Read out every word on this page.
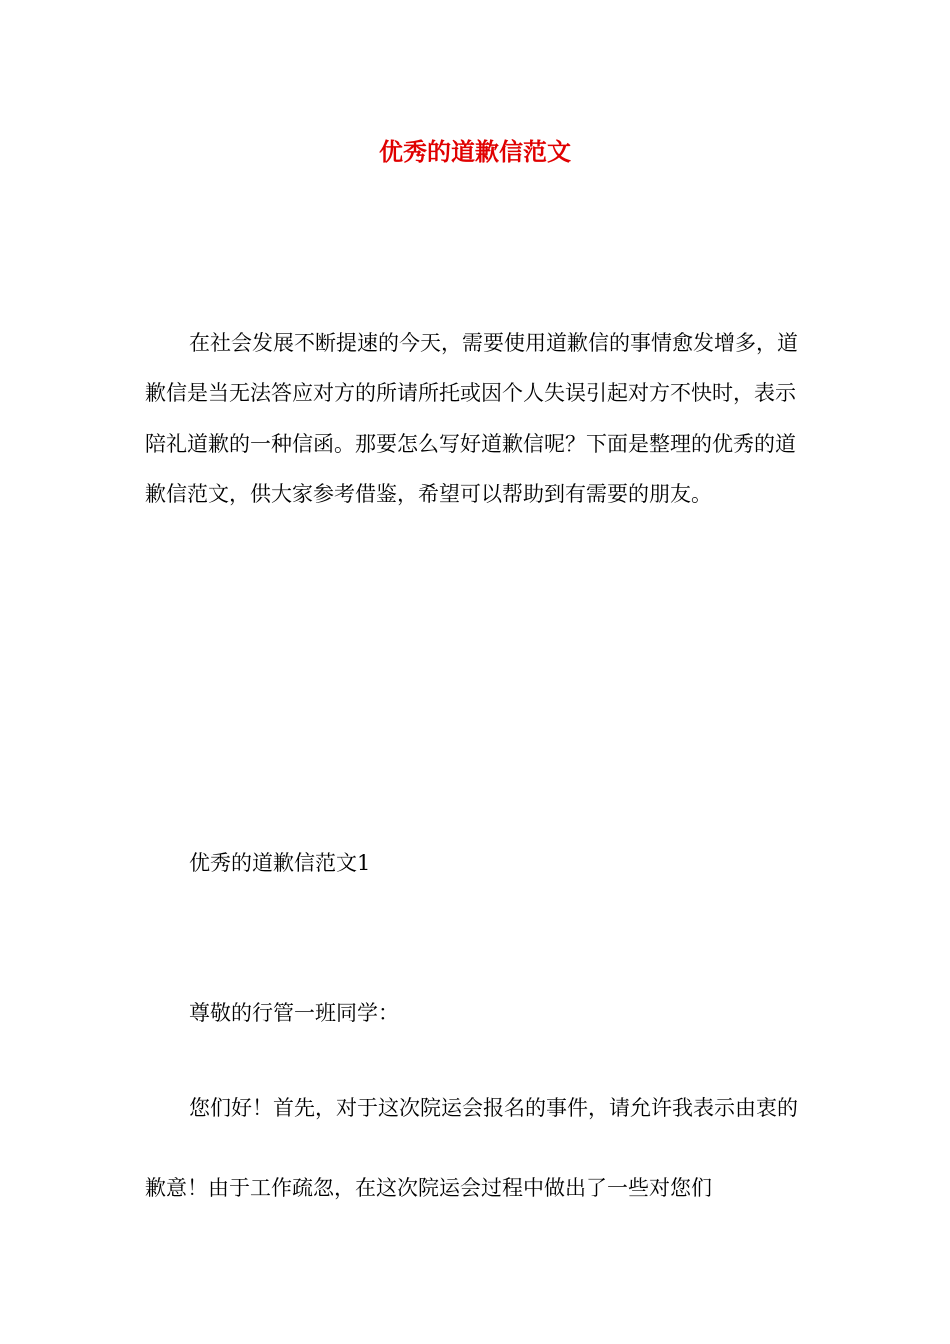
优秀的道歉信范文

在社会发展不断提速的今天，需要使用道歉信的事情愈发增多，道歉信是当无法答应对方的所请所托或因个人失误引起对方不快时，表示陪礼道歉的一种信函。那要怎么写好道歉信呢？下面是整理的优秀的道歉信范文，供大家参考借鉴，希望可以帮助到有需要的朋友。

优秀的道歉信范文1

尊敬的行管一班同学：

您们好！首先，对于这次院运会报名的事件，请允许我表示由衷的歉意！由于工作疏忽，在这次院运会过程中做出了一些对您们
